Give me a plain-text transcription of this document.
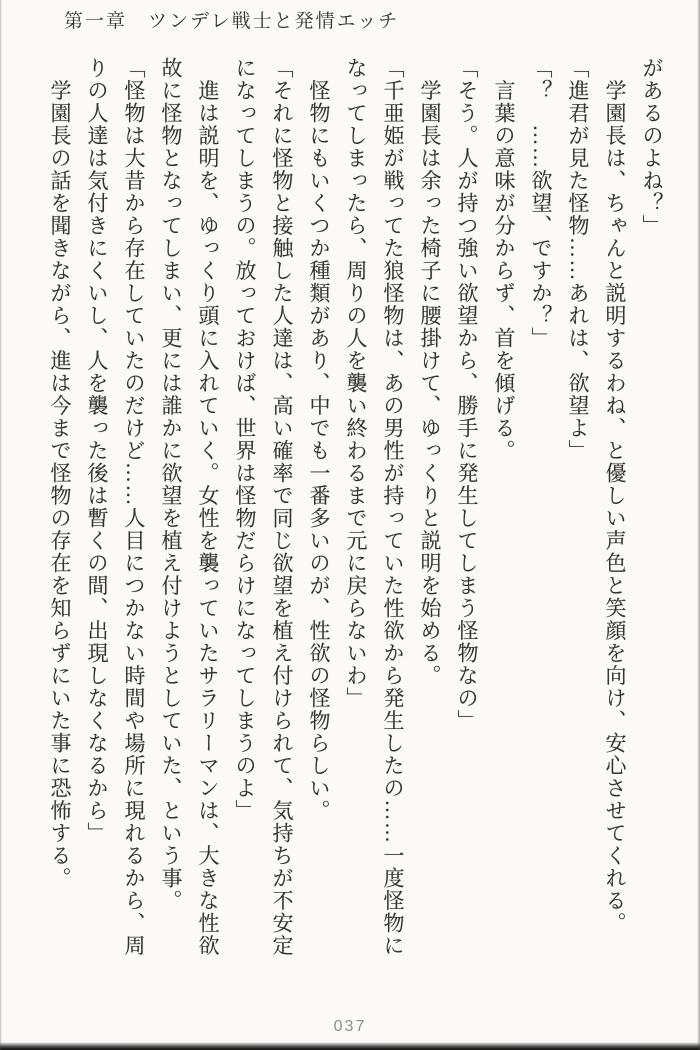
第一章　ツンデレ戦士と発情エッチ

があるのよね？」

　学園長は、ちゃんと説明するわね、と優しい声色と笑顔を向け、安心させてくれる。

「進君が見た怪物……あれは、欲望よ」

「？　……欲望、ですか？」

　言葉の意味が分からず、首を傾げる。

「そう。人が持つ強い欲望から、勝手に発生してしまう怪物なの」

　学園長は余った椅子に腰掛けて、ゆっくりと説明を始める。

「千亜姫が戦ってた狼怪物は、あの男性が持っていた性欲から発生したの……一度怪物になってしまったら、周りの人を襲い終わるまで元に戻らないわ」

　怪物にもいくつか種類があり、中でも一番多いのが、性欲の怪物らしい。

「それに怪物と接触した人達は、高い確率で同じ欲望を植え付けられて、気持ちが不安定になってしまうの。放っておけば、世界は怪物だらけになってしまうのよ」

　進は説明を、ゆっくり頭に入れていく。女性を襲っていたサラリーマンは、大きな性欲故に怪物となってしまい、更には誰かに欲望を植え付けようとしていた、という事。

「怪物は大昔から存在していたのだけど……人目につかない時間や場所に現れるから、周りの人達は気付きにくいし、人を襲った後は暫くの間、出現しなくなるから」

　学園長の話を聞きながら、進は今まで怪物の存在を知らずにいた事に恐怖する。

037
